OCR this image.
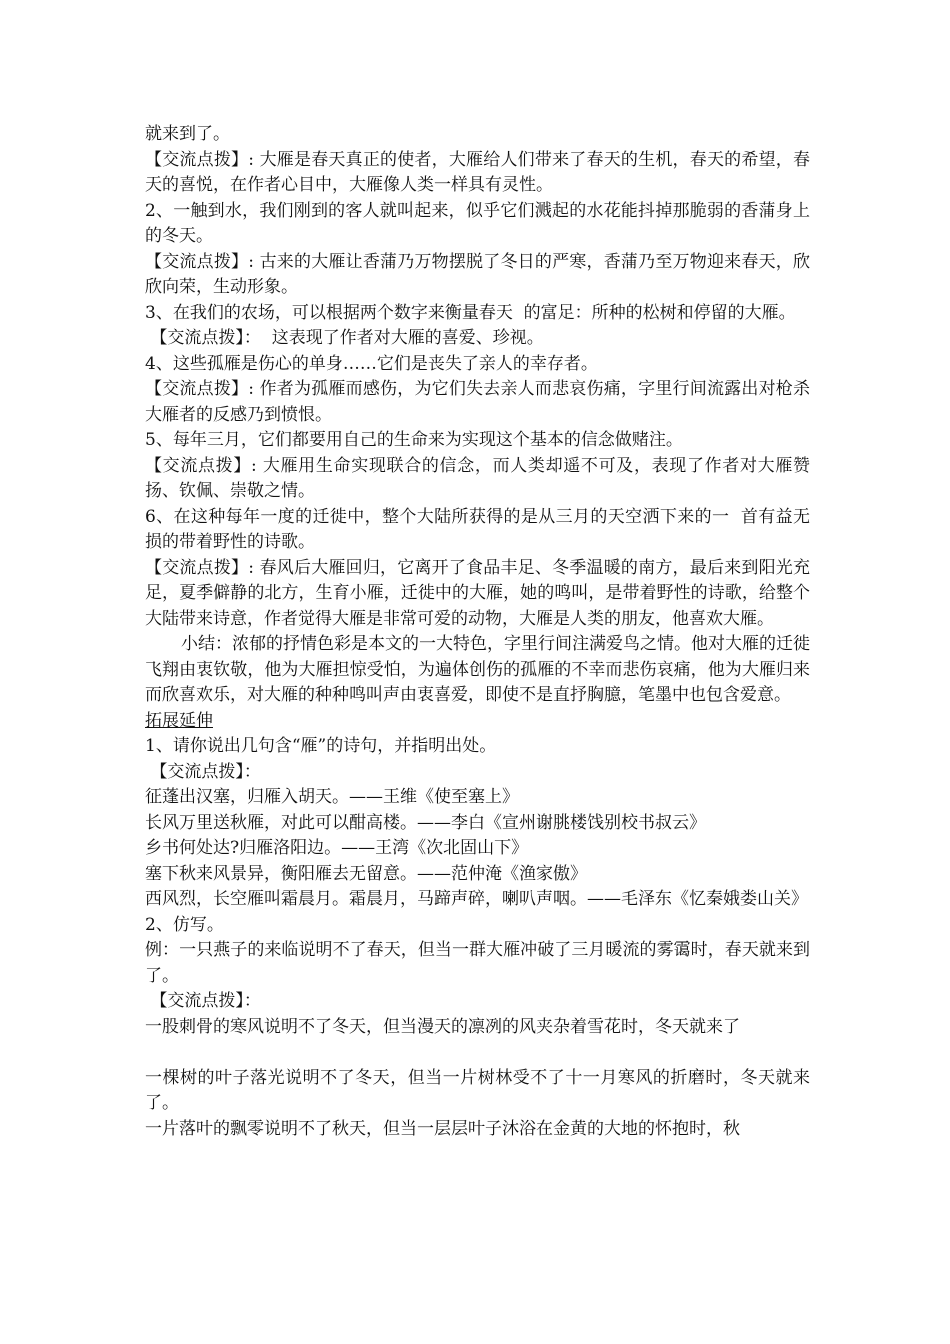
就来到了。

【交流点拨】: 大雁是春天真正的使者，大雁给人们带来了春天的生机，春天的希望，春天的喜悦，在作者心目中，大雁像人类一样具有灵性。

2、一触到水，我们刚到的客人就叫起来，似乎它们溅起的水花能抖掉那脆弱的香蒲身上的冬天。

【交流点拨】: 古来的大雁让香蒲乃万物摆脱了冬日的严寒，香蒲乃至万物迎来春天，欣欣向荣，生动形象。

3、在我们的农场，可以根据两个数字来衡量春天  的富足：所种的松树和停留的大雁。

【交流点拨】：  这表现了作者对大雁的喜爱、珍视。

4、这些孤雁是伤心的单身……它们是丧失了亲人的幸存者。

【交流点拨】: 作者为孤雁而感伤，为它们失去亲人而悲哀伤痛，字里行间流露出对枪杀大雁者的反感乃到愤恨。

5、每年三月，它们都要用自己的生命来为实现这个基本的信念做赌注。

【交流点拨】: 大雁用生命实现联合的信念，而人类却遥不可及，表现了作者对大雁赞扬、钦佩、崇敬之情。

6、在这种每年一度的迁徙中，整个大陆所获得的是从三月的天空洒下来的一  首有益无损的带着野性的诗歌。

【交流点拨】: 春风后大雁回归，它离开了食品丰足、冬季温暖的南方，最后来到阳光充足，夏季僻静的北方，生育小雁，迁徙中的大雁，她的鸣叫，是带着野性的诗歌，给整个大陆带来诗意，作者觉得大雁是非常可爱的动物，大雁是人类的朋友，他喜欢大雁。

小结：浓郁的抒情色彩是本文的一大特色，字里行间注满爱鸟之情。他对大雁的迁徙飞翔由衷钦敬，他为大雁担惊受怕，为遍体创伤的孤雁的不幸而悲伤哀痛，他为大雁归来而欣喜欢乐，对大雁的种种鸣叫声由衷喜爱，即使不是直抒胸臆，笔墨中也包含爱意。

拓展延伸

1、请你说出几句含“雁”的诗句，并指明出处。

【交流点拨】：

征蓬出汉塞，归雁入胡天。——王维《使至塞上》

长风万里送秋雁，对此可以酣高楼。——李白《宣州谢朓楼饯别校书叔云》

乡书何处达?归雁洛阳边。——王湾《次北固山下》

塞下秋来风景异，衡阳雁去无留意。——范仲淹《渔家傲》

西风烈，长空雁叫霜晨月。霜晨月，马蹄声碎，喇叭声咽。——毛泽东《忆秦娥娄山关》

2、仿写。

例：一只燕子的来临说明不了春天，但当一群大雁冲破了三月暖流的雾霭时，春天就来到了。

【交流点拨】：

一股刺骨的寒风说明不了冬天，但当漫天的凛冽的风夹杂着雪花时，冬天就来了

一棵树的叶子落光说明不了冬天，但当一片树林受不了十一月寒风的折磨时，冬天就来了。

一片落叶的飘零说明不了秋天，但当一层层叶子沐浴在金黄的大地的怀抱时，秋
